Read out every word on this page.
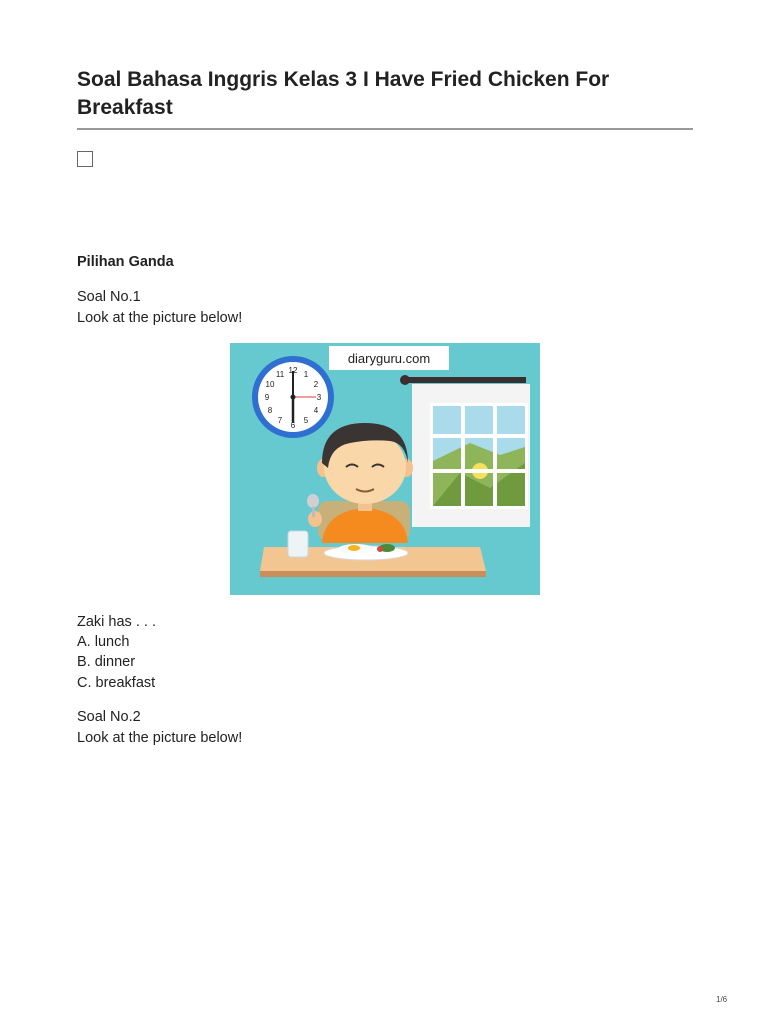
Soal Bahasa Inggris Kelas 3 I Have Fried Chicken For Breakfast
Pilihan Ganda

Soal No.1

Look at the picture below!

diaryguru.com
12 1
2
3
4
5
6
7
8
9
10
11

Zaki has . . .

A. lunch

B. dinner

C. breakfast

Soal No.2

Look at the picture below!

1/6
